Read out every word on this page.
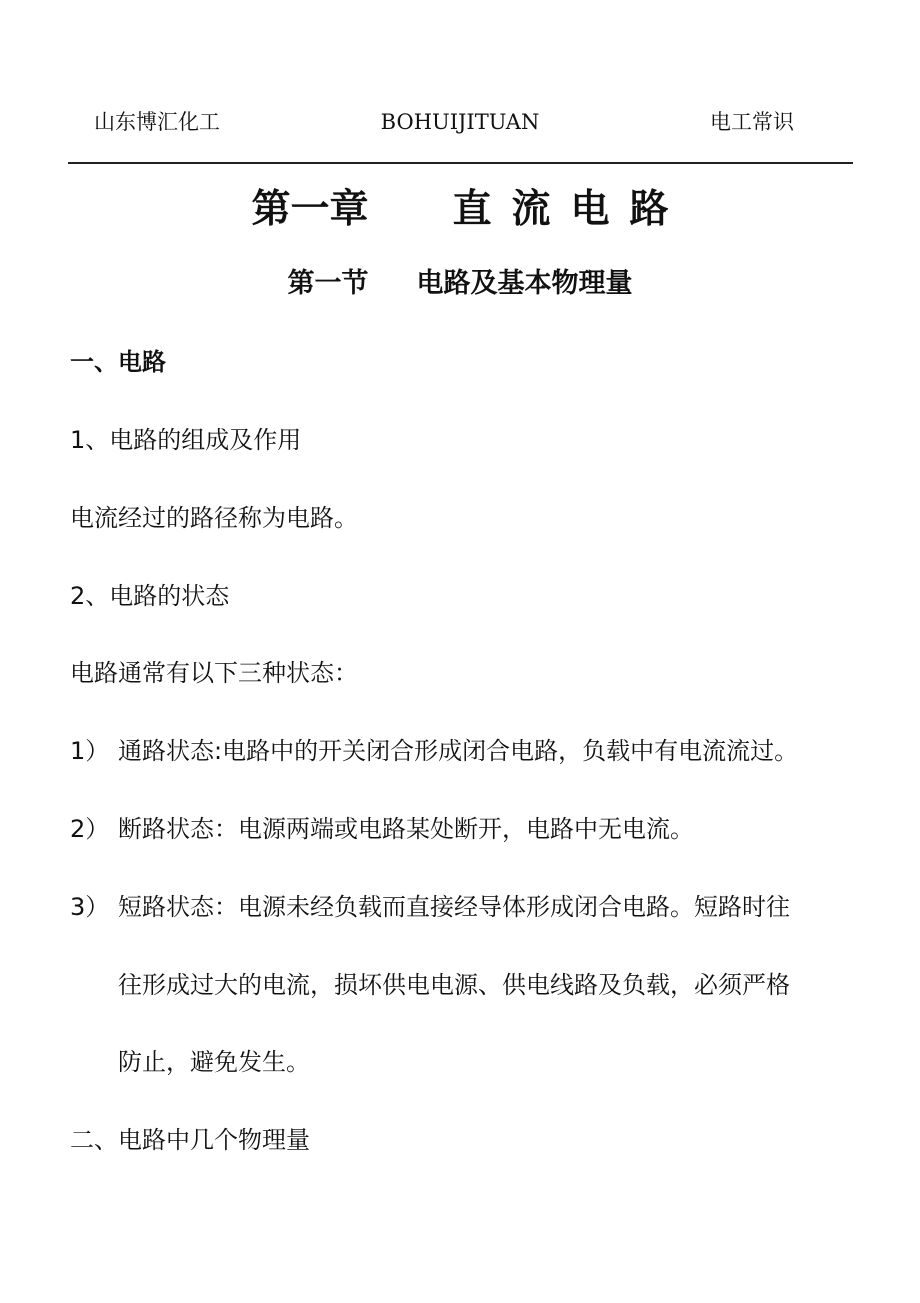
山东博汇化工	BOHUIJITUAN	电工常识
第一章 直流电路
第一节 电路及基本物理量
一、电路
1、电路的组成及作用
电流经过的路径称为电路。
2、电路的状态
电路通常有以下三种状态：
1） 通路状态:电路中的开关闭合形成闭合电路，负载中有电流流过。
2） 断路状态：电源两端或电路某处断开，电路中无电流。
3） 短路状态：电源未经负载而直接经导体形成闭合电路。短路时往
往形成过大的电流，损坏供电电源、供电线路及负载，必须严格
防止，避免发生。
二、电路中几个物理量
